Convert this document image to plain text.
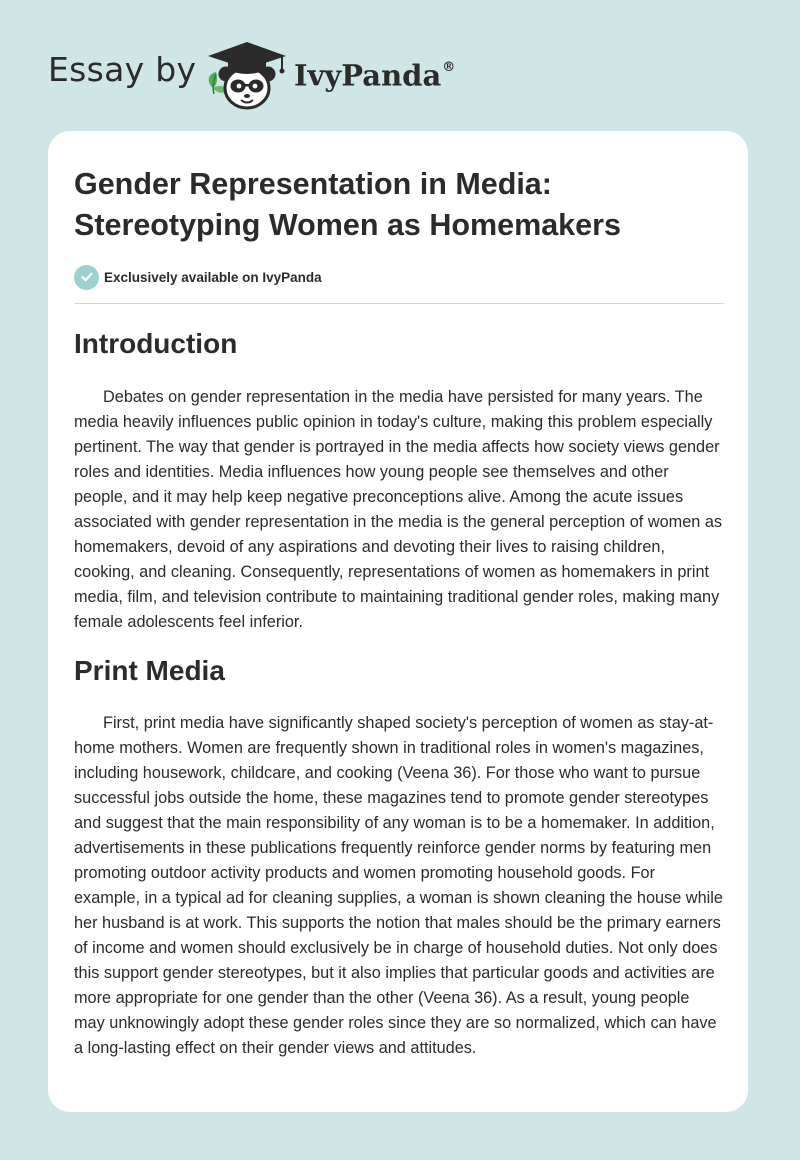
Essay by	IvyPanda®
Gender Representation in Media: Stereotyping Women as Homemakers
Exclusively available on IvyPanda
Introduction

Debates on gender representation in the media have persisted for many years. The media heavily influences public opinion in today's culture, making this problem especially pertinent. The way that gender is portrayed in the media affects how society views gender roles and identities. Media influences how young people see themselves and other people, and it may help keep negative preconceptions alive. Among the acute issues associated with gender representation in the media is the general perception of women as homemakers, devoid of any aspirations and devoting their lives to raising children, cooking, and cleaning. Consequently, representations of women as homemakers in print media, film, and television contribute to maintaining traditional gender roles, making many female adolescents feel inferior.

Print Media

First, print media have significantly shaped society's perception of women as stay-at-home mothers. Women are frequently shown in traditional roles in women's magazines, including housework, childcare, and cooking (Veena 36). For those who want to pursue successful jobs outside the home, these magazines tend to promote gender stereotypes and suggest that the main responsibility of any woman is to be a homemaker. In addition, advertisements in these publications frequently reinforce gender norms by featuring men promoting outdoor activity products and women promoting household goods. For example, in a typical ad for cleaning supplies, a woman is shown cleaning the house while her husband is at work. This supports the notion that males should be the primary earners of income and women should exclusively be in charge of household duties. Not only does this support gender stereotypes, but it also implies that particular goods and activities are more appropriate for one gender than the other (Veena 36). As a result, young people may unknowingly adopt these gender roles since they are so normalized, which can have a long-lasting effect on their gender views and attitudes.
